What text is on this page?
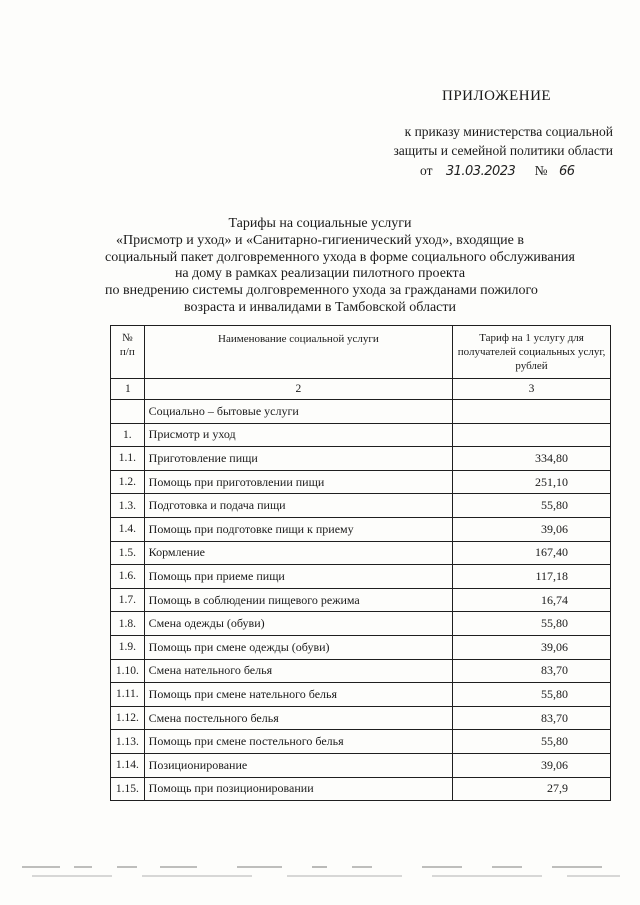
ПРИЛОЖЕНИЕ
к приказу министерства социальной
защиты и семейной политики области
от 31.03.2023 № 66
Тарифы на социальные услуги
«Присмотр и уход» и «Санитарно-гигиенический уход», входящие в
социальный пакет долговременного ухода в форме социального обслуживания
на дому в рамках реализации пилотного проекта
по внедрению системы долговременного ухода за гражданами пожилого
возраста и инвалидами в Тамбовской области
№
п/п	Наименование социальной услуги	Тариф на 1 услугу для получателей социальных услуг, рублей
1	2	3
	Социально – бытовые услуги	
1.	Присмотр и уход	
1.1.	Приготовление пищи	334,80
1.2.	Помощь при приготовлении пищи	251,10
1.3.	Подготовка и подача пищи	55,80
1.4.	Помощь при подготовке пищи к приему	39,06
1.5.	Кормление	167,40
1.6.	Помощь при приеме пищи	117,18
1.7.	Помощь в соблюдении пищевого режима	16,74
1.8.	Смена одежды (обуви)	55,80
1.9.	Помощь при смене одежды (обуви)	39,06
1.10.	Смена нательного белья	83,70
1.11.	Помощь при смене нательного белья	55,80
1.12.	Смена постельного белья	83,70
1.13.	Помощь при смене постельного белья	55,80
1.14.	Позиционирование	39,06
1.15.	Помощь при позиционировании	27,9
